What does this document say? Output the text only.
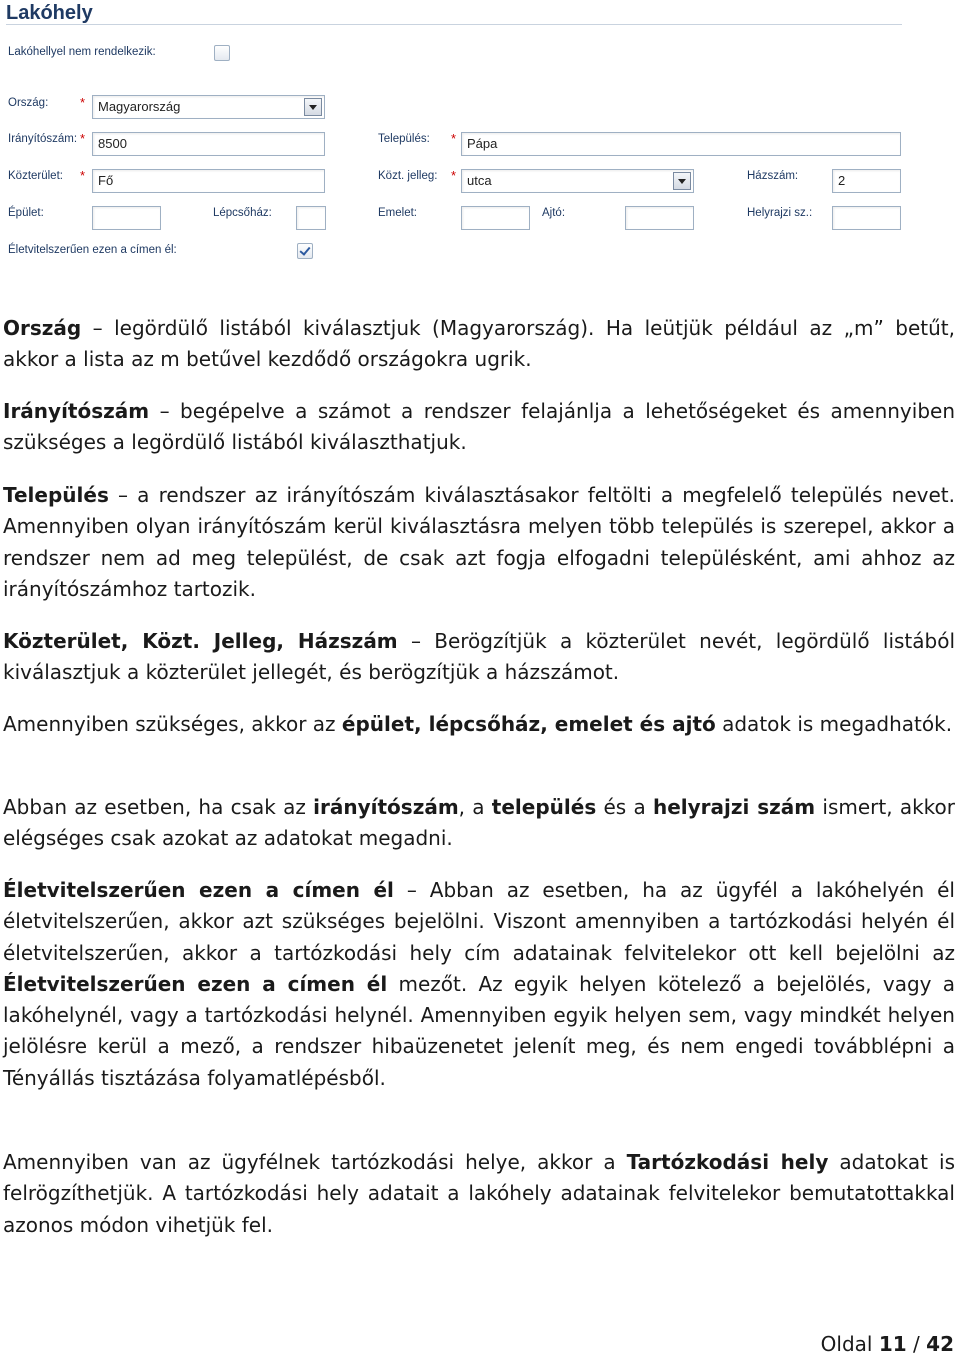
Lakóhely
Lakóhellyel nem rendelkezik:
Ország: * Magyarország
Irányítószám: * 8500	Település: * Pápa
Közterület: * Fő	Közt. jelleg: * utca	Házszám:	2
Épület:	Lépcsőház:	Emelet:	Ajtó:	Helyrajzi sz.:
Életvitelszerűen ezen a címen él:

Ország – legördülő listából kiválasztjuk (Magyarország). Ha leütjük például az „m” betűt, akkor a lista az m betűvel kezdődő országokra ugrik.

Irányítószám – begépelve a számot a rendszer felajánlja a lehetőségeket és amennyiben szükséges a legördülő listából kiválaszthatjuk.

Település – a rendszer az irányítószám kiválasztásakor feltölti a megfelelő település nevet. Amennyiben olyan irányítószám kerül kiválasztásra melyen több település is szerepel, akkor a rendszer nem ad meg települést, de csak azt fogja elfogadni településként, ami ahhoz az irányítószámhoz tartozik.

Közterület, Közt. Jelleg, Házszám – Berögzítjük a közterület nevét, legördülő listából kiválasztjuk a közterület jellegét, és berögzítjük a házszámot.

Amennyiben szükséges, akkor az épület, lépcsőház, emelet és ajtó adatok is megadhatók.

Abban az esetben, ha csak az irányítószám, a település és a helyrajzi szám ismert, akkor elégséges csak azokat az adatokat megadni.

Életvitelszerűen ezen a címen él – Abban az esetben, ha az ügyfél a lakóhelyén él életvitelszerűen, akkor azt szükséges bejelölni. Viszont amennyiben a tartózkodási helyén él életvitelszerűen, akkor a tartózkodási hely cím adatainak felvitelekor ott kell bejelölni az Életvitelszerűen ezen a címen él mezőt. Az egyik helyen kötelező a bejelölés, vagy a lakóhelynél, vagy a tartózkodási helynél. Amennyiben egyik helyen sem, vagy mindkét helyen jelölésre kerül a mező, a rendszer hibaüzenetet jelenít meg, és nem engedi továbblépni a Tényállás tisztázása folyamatlépésből.

Amennyiben van az ügyfélnek tartózkodási helye, akkor a Tartózkodási hely adatokat is felrögzíthetjük. A tartózkodási hely adatait a lakóhely adatainak felvitelekor bemutatottakkal azonos módon vihetjük fel.

Oldal 11 / 42
